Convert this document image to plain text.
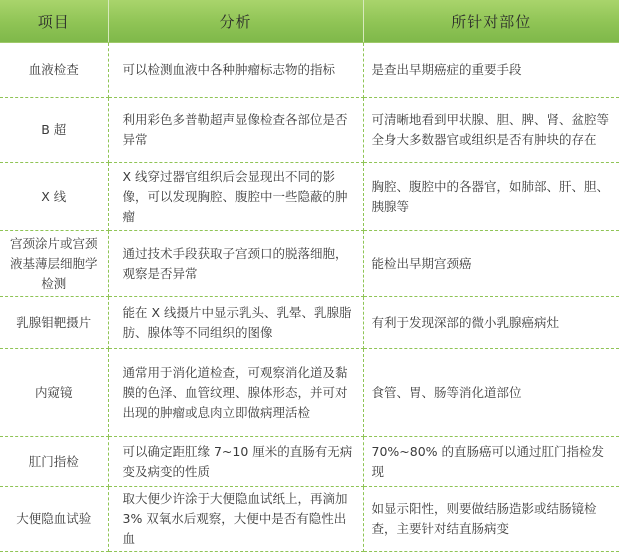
项目	分析	所针对部位
血液检查	可以检测血液中各种肿瘤标志物的指标	是查出早期癌症的重要手段
B 超	利用彩色多普勒超声显像检查各部位是否异常	可清晰地看到甲状腺、胆、脾、肾、盆腔等全身大多数器官或组织是否有肿块的存在
X 线	X 线穿过器官组织后会显现出不同的影像，可以发现胸腔、腹腔中一些隐蔽的肿瘤	胸腔、腹腔中的各器官，如肺部、肝、胆、胰腺等
宫颈涂片或宫颈液基薄层细胞学检测	通过技术手段获取子宫颈口的脱落细胞，观察是否异常	能检出早期宫颈癌
乳腺钼靶摄片	能在 X 线摄片中显示乳头、乳晕、乳腺脂肪、腺体等不同组织的图像	有利于发现深部的微小乳腺癌病灶
内窥镜	通常用于消化道检查，可观察消化道及黏膜的色泽、血管纹理、腺体形态，并可对出现的肿瘤或息肉立即做病理活检	食管、胃、肠等消化道部位
肛门指检	可以确定距肛缘 7~10 厘米的直肠有无病变及病变的性质	70%~80% 的直肠癌可以通过肛门指检发现
大便隐血试验	取大便少许涂于大便隐血试纸上，再滴加 3% 双氧水后观察，大便中是否有隐性出血	如显示阳性，则要做结肠造影或结肠镜检查，主要针对结直肠病变
